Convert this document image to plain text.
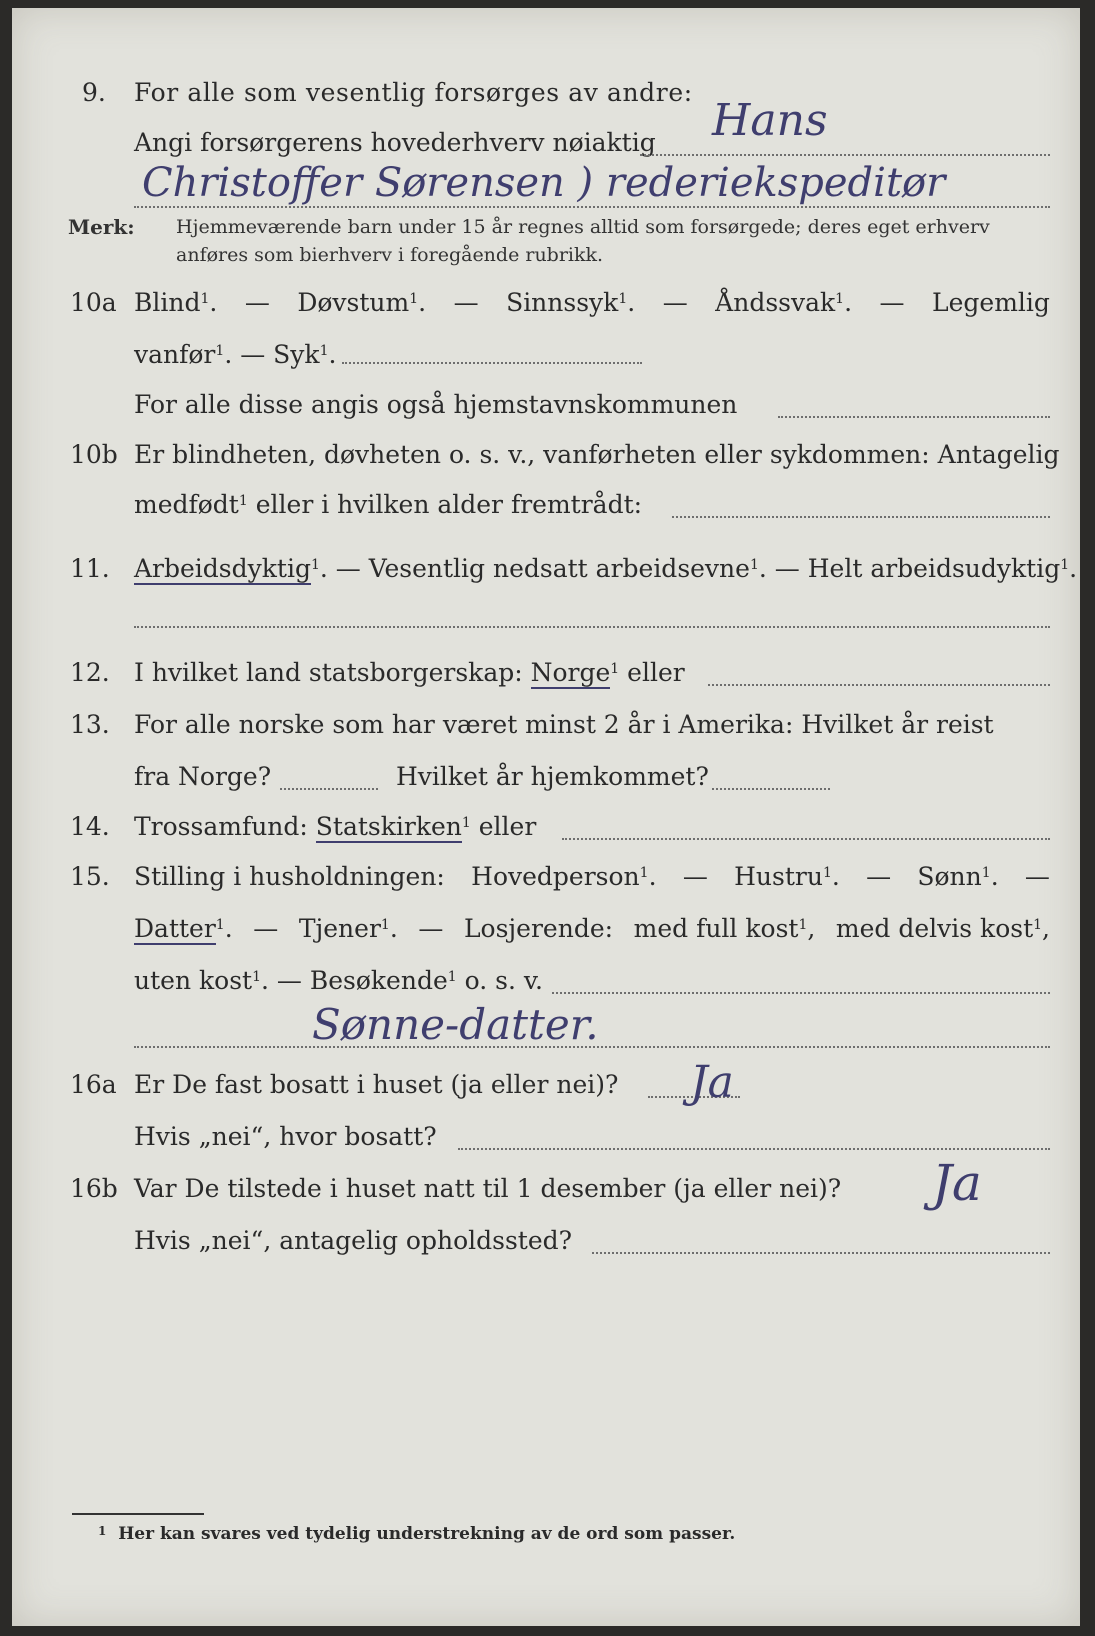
9. For alle som vesentlig forsørges av andre:
Hans
Angi forsørgerens hovederhverv nøiaktig
Christoffer Sørensen ) rederiekspeditør
Merk: Hjemmeværende barn under 15 år regnes alltid som forsørgede; deres eget erhverv
anføres som bierhverv i foregående rubrikk.
10a Blind$^1$. — Døvstum$^1$. — Sinnssyk$^1$. — Åndssvak$^1$. — Legemlig
vanfør$^1$. — Syk$^1$.
For alle disse angis også hjemstavnskommunen
10b Er blindheten, døvheten o. s. v., vanførheten eller sykdommen: Antagelig
medfødt$^1$ eller i hvilken alder fremtrådt:
11. Arbeidsdyktig$^1$. — Vesentlig nedsatt arbeidsevne$^1$. — Helt arbeidsudyktig$^1$.
12. I hvilket land statsborgerskap: Norge$^1$ eller
13. For alle norske som har været minst 2 år i Amerika: Hvilket år reist
fra Norge?	Hvilket år hjemkommet?
14. Trossamfund: Statskirken$^1$ eller
15. Stilling i husholdningen: Hovedperson$^1$. — Hustru$^1$. — Sønn$^1$. —
Datter$^1$. — Tjener$^1$. — Losjerende: med full kost$^1$, med delvis kost$^1$,
uten kost$^1$. — Besøkende$^1$ o. s. v.
Sønne-datter.
16a Er De fast bosatt i huset (ja eller nei)? Ja
Hvis „nei“, hvor bosatt?
16b Var De tilstede i huset natt til 1 desember (ja eller nei)? Ja
Hvis „nei“, antagelig opholdssted?
$^1$ Her kan svares ved tydelig understrekning av de ord som passer.
